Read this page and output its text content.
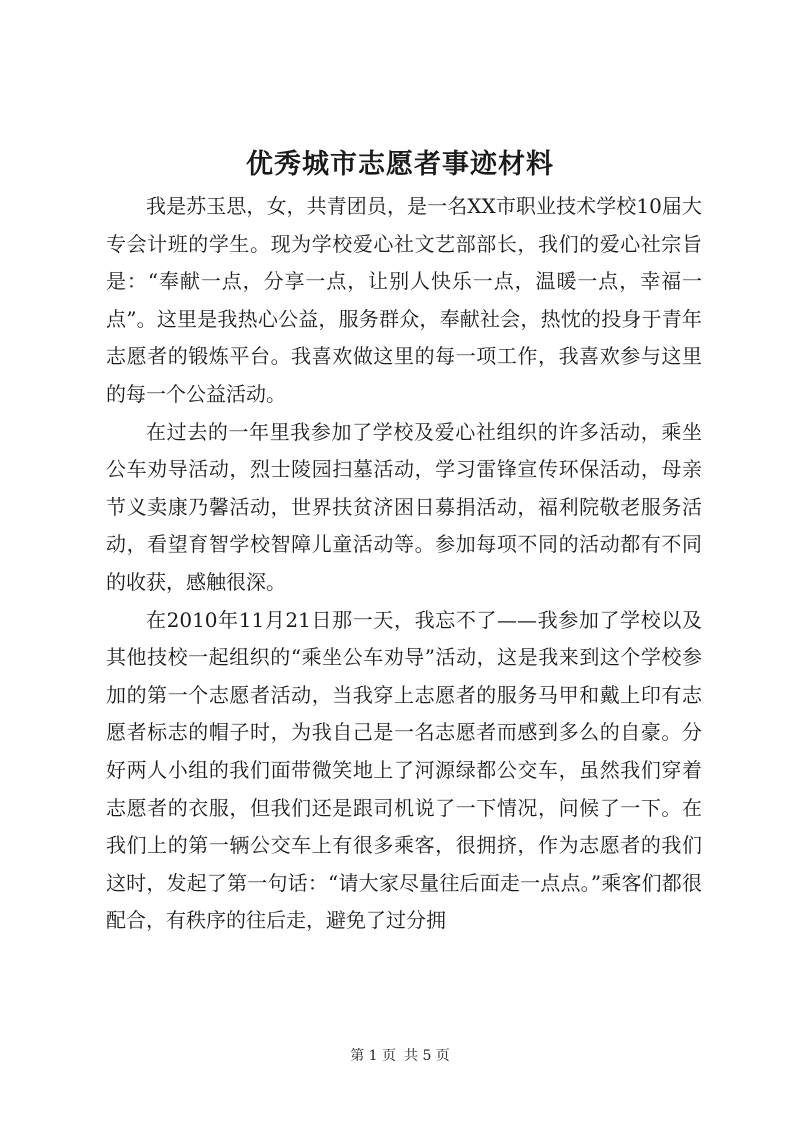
优秀城市志愿者事迹材料

我是苏玉思，女，共青团员，是一名XX市职业技术学校10届大专会计班的学生。现为学校爱心社文艺部部长，我们的爱心社宗旨是：“奉献一点，分享一点，让别人快乐一点，温暖一点，幸福一点”。这里是我热心公益，服务群众，奉献社会，热忱的投身于青年志愿者的锻炼平台。我喜欢做这里的每一项工作，我喜欢参与这里的每一个公益活动。

在过去的一年里我参加了学校及爱心社组织的许多活动，乘坐公车劝导活动，烈士陵园扫墓活动，学习雷锋宣传环保活动，母亲节义卖康乃馨活动，世界扶贫济困日募捐活动，福利院敬老服务活动，看望育智学校智障儿童活动等。参加每项不同的活动都有不同的收获，感触很深。

在2010年11月21日那一天，我忘不了——我参加了学校以及其他技校一起组织的“乘坐公车劝导”活动，这是我来到这个学校参加的第一个志愿者活动，当我穿上志愿者的服务马甲和戴上印有志愿者标志的帽子时，为我自己是一名志愿者而感到多么的自豪。分好两人小组的我们面带微笑地上了河源绿都公交车，虽然我们穿着志愿者的衣服，但我们还是跟司机说了一下情况，问候了一下。在我们上的第一辆公交车上有很多乘客，很拥挤，作为志愿者的我们这时，发起了第一句话：“请大家尽量往后面走一点点。”乘客们都很配合，有秩序的往后走，避免了过分拥

第 1 页 共 5 页
